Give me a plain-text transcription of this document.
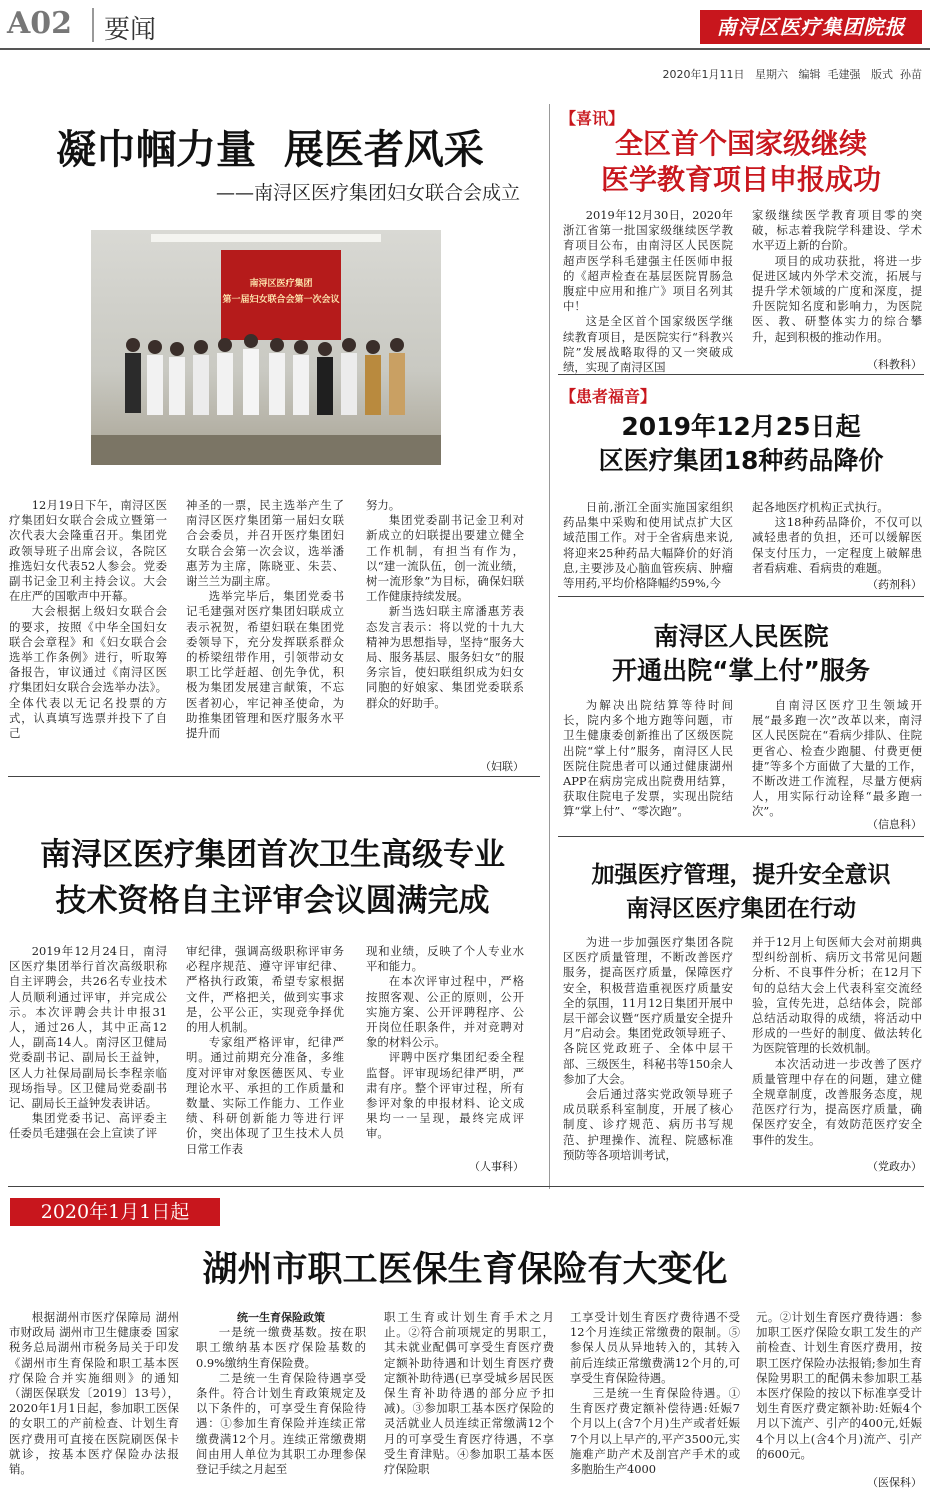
A02 要闻	南浔区医疗集团院报
2020年1月11日 星期六 编辑 毛建强 版式 孙苗
凝巾帼力量  展医者风采
——南浔区医疗集团妇女联合会成立
南浔区医疗集团
第一届妇女联合会第一次会议

12月19日下午，南浔区医疗集团妇女联合会成立暨第一次代表大会隆重召开。集团党政领导班子出席会议，各院区推选妇女代表52人参会。党委副书记金卫利主持会议。大会在庄严的国歌声中开幕。

大会根据上级妇女联合会的要求，按照《中华全国妇女联合会章程》和《妇女联合会选举工作条例》进行，听取筹备报告，审议通过《南浔区医疗集团妇女联合会选举办法》。全体代表以无记名投票的方式，认真填写选票并投下了自己

神圣的一票，民主选举产生了南浔区医疗集团第一届妇女联合会委员，并召开医疗集团妇女联合会第一次会议，选举潘惠芳为主席，陈晓亚、朱芸、谢兰兰为副主席。

选举完毕后，集团党委书记毛建强对医疗集团妇联成立表示祝贺，希望妇联在集团党委领导下，充分发挥联系群众的桥梁纽带作用，引领带动女职工比学赶超、创先争优，积极为集团发展建言献策，不忘医者初心，牢记神圣使命，为助推集团管理和医疗服务水平提升而

努力。

集团党委副书记金卫利对新成立的妇联提出要建立健全工作机制，有担当有作为，以“建一流队伍，创一流业绩，树一流形象”为目标，确保妇联工作健康持续发展。

新当选妇联主席潘惠芳表态发言表示：将以党的十九大精神为思想指导，坚持“服务大局、服务基层、服务妇女”的服务宗旨，使妇联组织成为妇女同胞的好娘家、集团党委联系群众的好助手。

（妇联）
【喜讯】
全区首个国家级继续
医学教育项目申报成功

2019年12月30日，2020年浙江省第一批国家级继续医学教育项目公布，由南浔区人民医院超声医学科毛建强主任医师申报的《超声检查在基层医院胃肠急腹症中应用和推广》项目名列其中！

这是全区首个国家级医学继续教育项目，是医院实行“科教兴院”发展战略取得的又一突破成绩，实现了南浔区国

家级继续医学教育项目零的突破，标志着我院学科建设、学术水平迈上新的台阶。

项目的成功获批，将进一步促进区域内外学术交流，拓展与提升学术领域的广度和深度，提升医院知名度和影响力，为医院医、教、研整体实力的综合攀升，起到积极的推动作用。

（科教科）
【患者福音】
2019年12月25日起
区医疗集团18种药品降价

日前,浙江全面实施国家组织药品集中采购和使用试点扩大区域范围工作。对于全省病患来说,将迎来25种药品大幅降价的好消息,主要涉及心脑血管疾病、肿瘤等用药,平均价格降幅约59%,今

起各地医疗机构正式执行。

这18种药品降价，不仅可以减轻患者的负担，还可以缓解医保支付压力，一定程度上破解患者看病难、看病贵的难题。

（药剂科）
南浔区人民医院
开通出院“掌上付”服务

为解决出院结算等待时间长，院内多个地方跑等问题，市卫生健康委创新推出了区级医院出院“掌上付”服务，南浔区人民医院住院患者可以通过健康湖州APP在病房完成出院费用结算，获取住院电子发票，实现出院结算“掌上付”、“零次跑”。

自南浔区医疗卫生领域开展“最多跑一次”改革以来，南浔区人民医院在“看病少排队、住院更省心、检查少跑腿、付费更便捷”等多个方面做了大量的工作，不断改进工作流程，尽量方便病人，用实际行动诠释“最多跑一次”。

（信息科）
南浔区医疗集团首次卫生高级专业
技术资格自主评审会议圆满完成

2019年12月24日，南浔区医疗集团举行首次高级职称自主评聘会，共26名专业技术人员顺利通过评审，并完成公示。本次评聘会共计申报31人，通过26人，其中正高12人，副高14人。南浔区卫健局党委副书记、副局长王益钟，区人力社保局副局长李程亲临现场指导。区卫健局党委副书记、副局长王益钟发表讲话。

集团党委书记、高评委主任委员毛建强在会上宣读了评

审纪律，强调高级职称评审务必程序规范、遵守评审纪律、严格执行政策，希望专家根据文件，严格把关，做到实事求是，公平公正，实现竞争择优的用人机制。

专家组严格评审，纪律严明。通过前期充分准备，多维度对评审对象医德医风、专业理论水平、承担的工作质量和数量、实际工作能力、工作业绩、科研创新能力等进行评价，突出体现了卫生技术人员日常工作表

现和业绩，反映了个人专业水平和能力。

在本次评审过程中，严格按照客观、公正的原则，公开实施方案、公开评聘程序、公开岗位任职条件，并对竞聘对象的材料公示。

评聘中医疗集团纪委全程监督。评审现场纪律严明，严肃有序。整个评审过程，所有参评对象的申报材料、论文成果均一一呈现，最终完成评审。

（人事科）
加强医疗管理，提升安全意识
南浔区医疗集团在行动

为进一步加强医疗集团各院区医疗质量管理，不断改善医疗服务，提高医疗质量，保障医疗安全，积极营造重视医疗质量安全的氛围，11月12日集团开展中层干部会议暨“医疗质量安全提升月”启动会。集团党政领导班子、各院区党政班子、全体中层干部、三级医生，科秘书等150余人参加了大会。

会后通过落实党政领导班子成员联系科室制度，开展了核心制度、诊疗规范、病历书写规范、护理操作、流程、院感标准预防等各项培训考试，

并于12月上旬医师大会对前期典型纠纷剖析、病历文书常见问题分析、不良事件分析；在12月下旬的总结大会上代表科室交流经验，宣传先进，总结体会，院部总结活动取得的成绩，将活动中形成的一些好的制度、做法转化为医院管理的长效机制。

本次活动进一步改善了医疗质量管理中存在的问题，建立健全规章制度，改善服务态度，规范医疗行为，提高医疗质量，确保医疗安全，有效防范医疗安全事件的发生。

（党政办）
2020年1月1日起
湖州市职工医保生育保险有大变化

根据湖州市医疗保障局 湖州市财政局 湖州市卫生健康委 国家税务总局湖州市税务局关于印发《湖州市生育保险和职工基本医疗保险合并实施细则》的通知（湖医保联发〔2019〕13号），2020年1月1日起，参加职工医保的女职工的产前检查、计划生育医疗费用可直接在医院刷医保卡就诊，按基本医疗保险办法报销。

统一生育保险政策

一是统一缴费基数。按在职职工缴纳基本医疗保险基数的0.9%缴纳生育保险费。

二是统一生育保险待遇享受条件。符合计划生育政策规定及以下条件的，可享受生育保险待遇：①参加生育保险并连续正常缴费满12个月。连续正常缴费期间由用人单位为其职工办理参保登记手续之月起至

职工生育或计划生育手术之月止。②符合前项规定的男职工，其未就业配偶可享受生育医疗费定额补助待遇和计划生育医疗费定额补助待遇(已享受城乡居民医保生育补助待遇的部分应予扣减)。③参加职工基本医疗保险的灵活就业人员连续正常缴满12个月的可享受生育医疗待遇，不享受生育津贴。④参加职工基本医疗保险职

工享受计划生育医疗费待遇不受12个月连续正常缴费的限制。⑤参保人员从异地转入的，其转入前后连续正常缴费满12个月的,可享受生育保险待遇。

三是统一生育保险待遇。①生育医疗费定额补偿待遇:妊娠7个月以上(含7个月)生产或者妊娠7个月以上早产的,平产3500元,实施难产助产术及剖宫产手术的或多胞胎生产4000

元。②计划生育医疗费待遇：参加职工医疗保险女职工发生的产前检查、计划生育医疗费用，按职工医疗保险办法报销;参加生育保险男职工的配偶未参加职工基本医疗保险的按以下标准享受计划生育医疗费定额补助:妊娠4个月以下流产、引产的400元,妊娠4个月以上(含4个月)流产、引产的600元。

（医保科）
